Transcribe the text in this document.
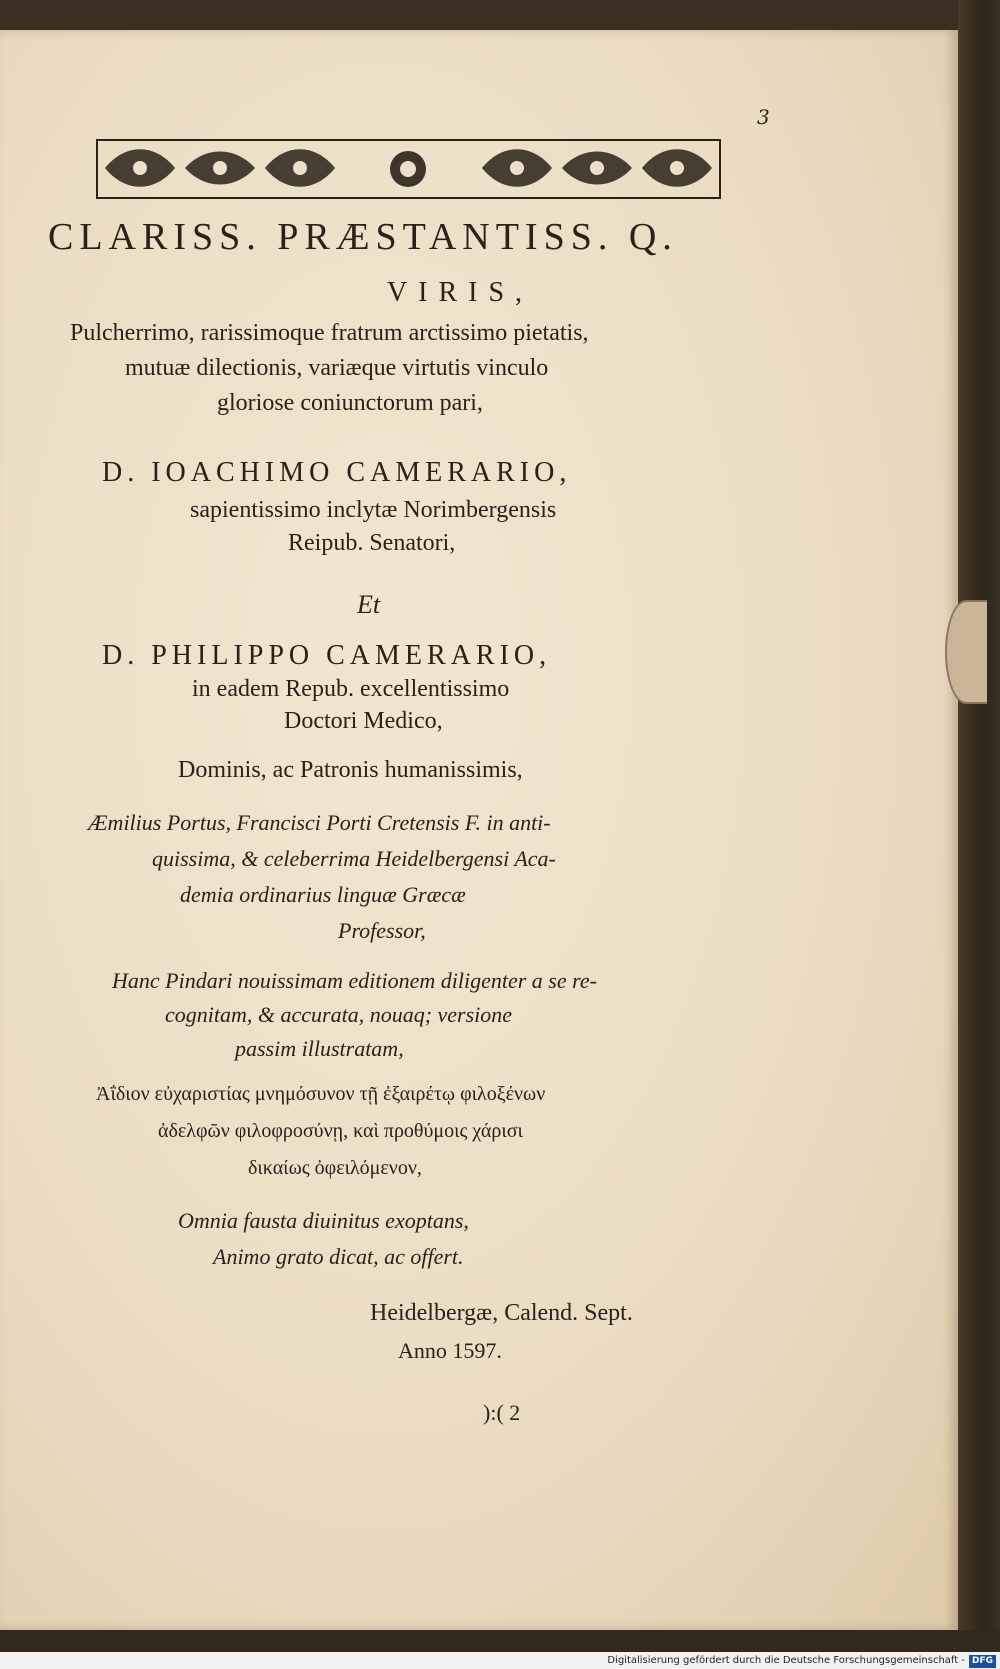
3
CLARISS. PRÆSTANTISS. Q.
VIRIS,
Pulcherrimo, rarissimoque fratrum arctissimo pietatis,
mutuæ dilectionis, variæque virtutis vinculo
gloriose coniunctorum pari,
D. IOACHIMO CAMERARIO,
sapientissimo inclytæ Norimbergensis
Reipub. Senatori,
Et
D. PHILIPPO CAMERARIO,
in eadem Repub. excellentissimo
Doctori Medico,
Dominis, ac Patronis humanissimis,
Æmilius Portus, Francisci Porti Cretensis F. in anti-
quissima, & celeberrima Heidelbergensi Aca-
demia ordinarius linguæ Græcæ
Professor,
Hanc Pindari nouissimam editionem diligenter a se re-
cognitam, & accurata, nouaq; versione
passim illustratam,
Ἀΐδιον εὐχαριστίας μνημόσυνον τῇ ἐξαιρέτῳ φιλοξένων
ἀδελφῶν φιλοφροσύνῃ, καὶ προθύμοις χάρισι
δικαίως ὀφειλόμενον,
Omnia fausta diuinitus exoptans,
Animo grato dicat, ac offert.
Heidelbergæ, Calend. Sept.
Anno 1597.
):( 2
Digitalisierung gefördert durch die Deutsche Forschungsgemeinschaft - DFG
